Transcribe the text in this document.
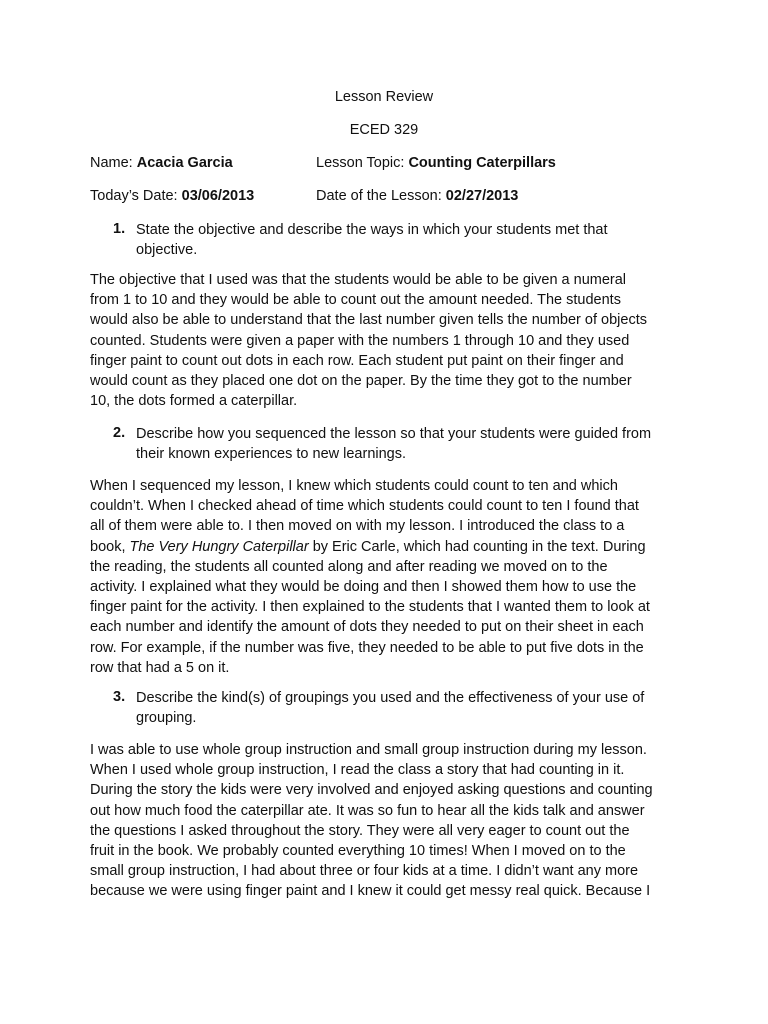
Lesson Review
ECED 329
Name: Acacia Garcia	Lesson Topic: Counting Caterpillars
Today’s Date: 03/06/2013	Date of the Lesson: 02/27/2013
1. State the objective and describe the ways in which your students met that
objective.
The objective that I used was that the students would be able to be given a numeral
from 1 to 10 and they would be able to count out the amount needed. The students
would also be able to understand that the last number given tells the number of objects
counted. Students were given a paper with the numbers 1 through 10 and they used
finger paint to count out dots in each row. Each student put paint on their finger and
would count as they placed one dot on the paper. By the time they got to the number
10, the dots formed a caterpillar.
2. Describe how you sequenced the lesson so that your students were guided from
their known experiences to new learnings.
When I sequenced my lesson, I knew which students could count to ten and which
couldn’t. When I checked ahead of time which students could count to ten I found that
all of them were able to. I then moved on with my lesson. I introduced the class to a
book, The Very Hungry Caterpillar by Eric Carle, which had counting in the text. During
the reading, the students all counted along and after reading we moved on to the
activity. I explained what they would be doing and then I showed them how to use the
finger paint for the activity. I then explained to the students that I wanted them to look at
each number and identify the amount of dots they needed to put on their sheet in each
row. For example, if the number was five, they needed to be able to put five dots in the
row that had a 5 on it.
3. Describe the kind(s) of groupings you used and the effectiveness of your use of
grouping.
I was able to use whole group instruction and small group instruction during my lesson.
When I used whole group instruction, I read the class a story that had counting in it.
During the story the kids were very involved and enjoyed asking questions and counting
out how much food the caterpillar ate. It was so fun to hear all the kids talk and answer
the questions I asked throughout the story. They were all very eager to count out the
fruit in the book. We probably counted everything 10 times! When I moved on to the
small group instruction, I had about three or four kids at a time. I didn’t want any more
because we were using finger paint and I knew it could get messy real quick. Because I
